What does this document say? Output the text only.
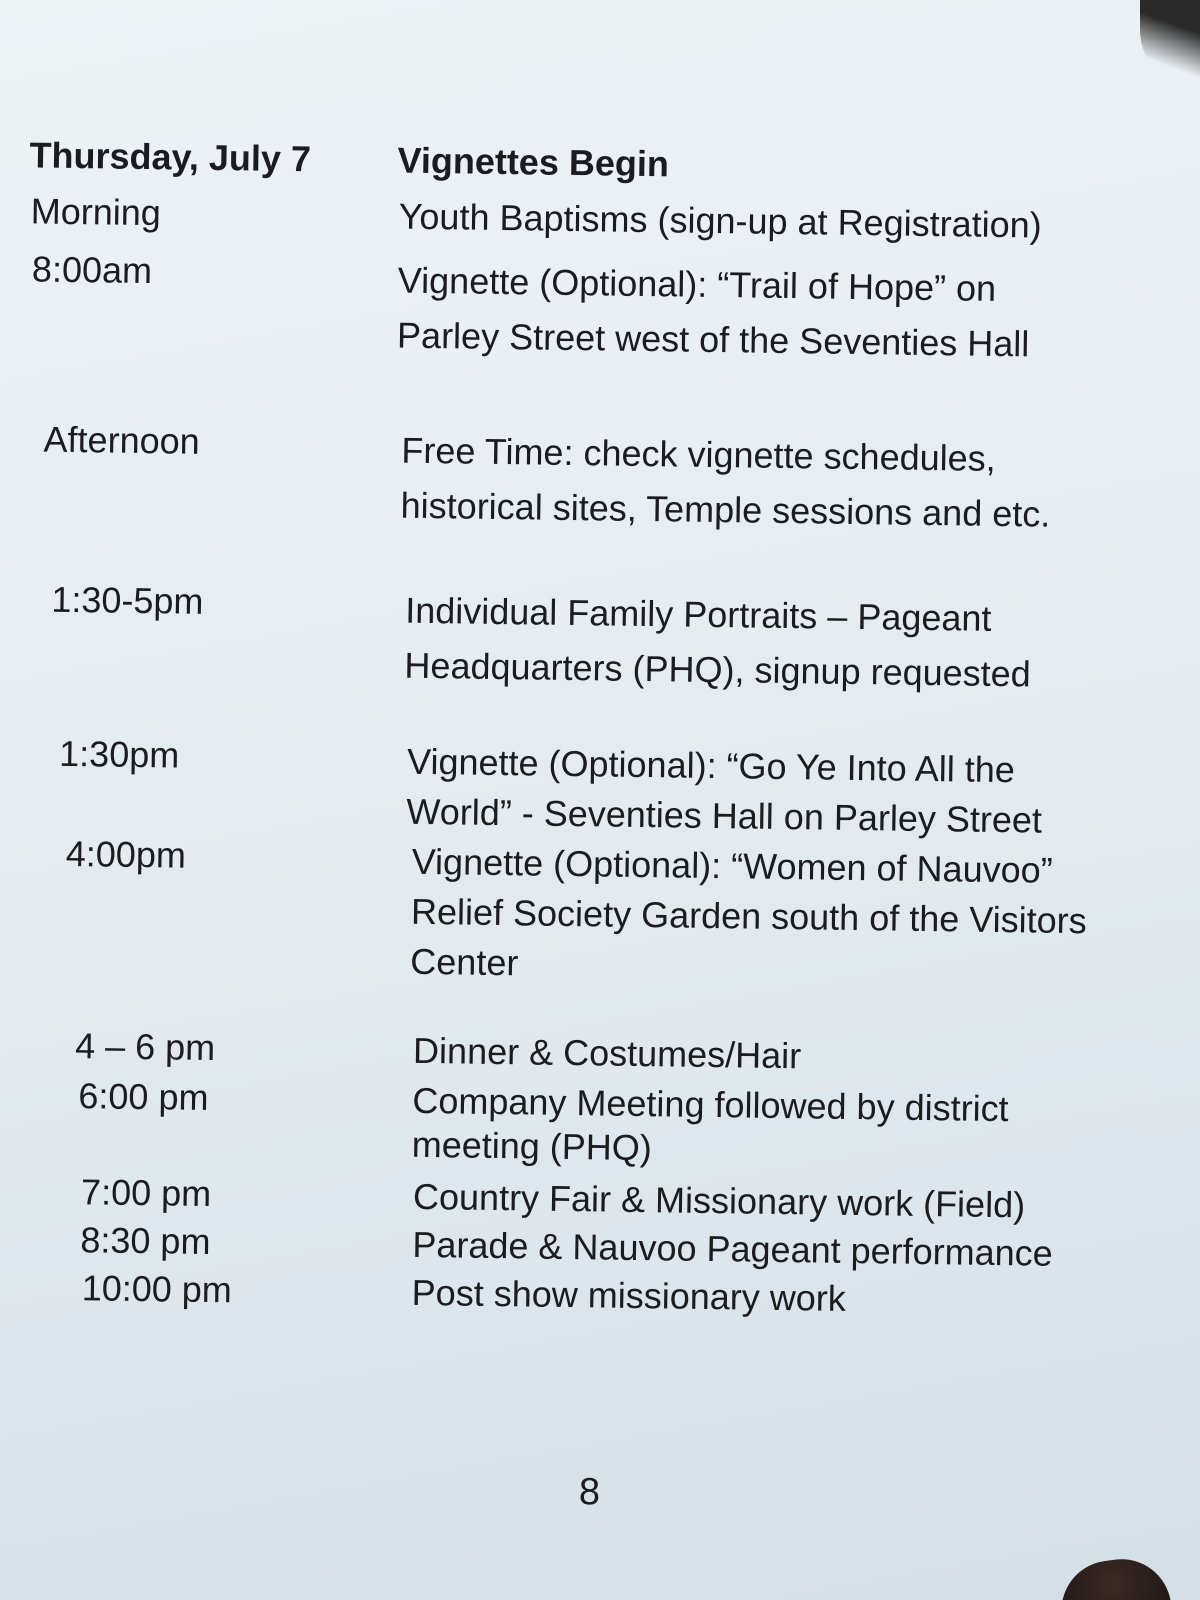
Thursday, July 7 Vignettes Begin
Morning	Youth Baptisms (sign-up at Registration)
8:00am	Vignette (Optional): “Trail of Hope” on Parley Street west of the Seventies Hall
Afternoon	Free Time: check vignette schedules, historical sites, Temple sessions and etc.
1:30-5pm	Individual Family Portraits – Pageant Headquarters (PHQ), signup requested
1:30pm	Vignette (Optional): “Go Ye Into All the World” - Seventies Hall on Parley Street
4:00pm	Vignette (Optional): “Women of Nauvoo” Relief Society Garden south of the Visitors Center
4 – 6 pm	Dinner & Costumes/Hair
6:00 pm	Company Meeting followed by district meeting (PHQ)
7:00 pm	Country Fair & Missionary work (Field)
8:30 pm	Parade & Nauvoo Pageant performance
10:00 pm	Post show missionary work
8
